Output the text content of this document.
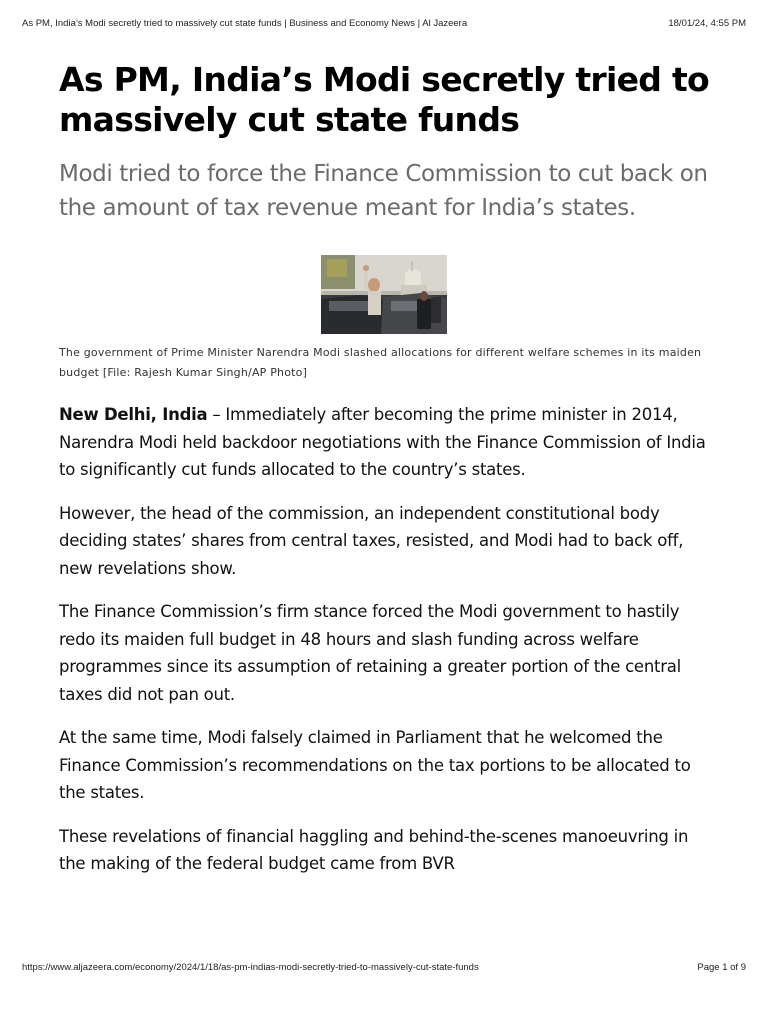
As PM, India’s Modi secretly tried to massively cut state funds | Business and Economy News | Al Jazeera	18/01/24, 4:55 PM
As PM, India’s Modi secretly tried to massively cut state funds

Modi tried to force the Finance Commission to cut back on the amount of tax revenue meant for India’s states.

The government of Prime Minister Narendra Modi slashed allocations for different welfare schemes in its maiden budget [File: Rajesh Kumar Singh/AP Photo]

New Delhi, India – Immediately after becoming the prime minister in 2014, Narendra Modi held backdoor negotiations with the Finance Commission of India to significantly cut funds allocated to the country’s states.

However, the head of the commission, an independent constitutional body deciding states’ shares from central taxes, resisted, and Modi had to back off, new revelations show.

The Finance Commission’s firm stance forced the Modi government to hastily redo its maiden full budget in 48 hours and slash funding across welfare programmes since its assumption of retaining a greater portion of the central taxes did not pan out.

At the same time, Modi falsely claimed in Parliament that he welcomed the Finance Commission’s recommendations on the tax portions to be allocated to the states.

These revelations of financial haggling and behind-the-scenes manoeuvring in the making of the federal budget came from BVR

https://www.aljazeera.com/economy/2024/1/18/as-pm-indias-modi-secretly-tried-to-massively-cut-state-funds	Page 1 of 9
